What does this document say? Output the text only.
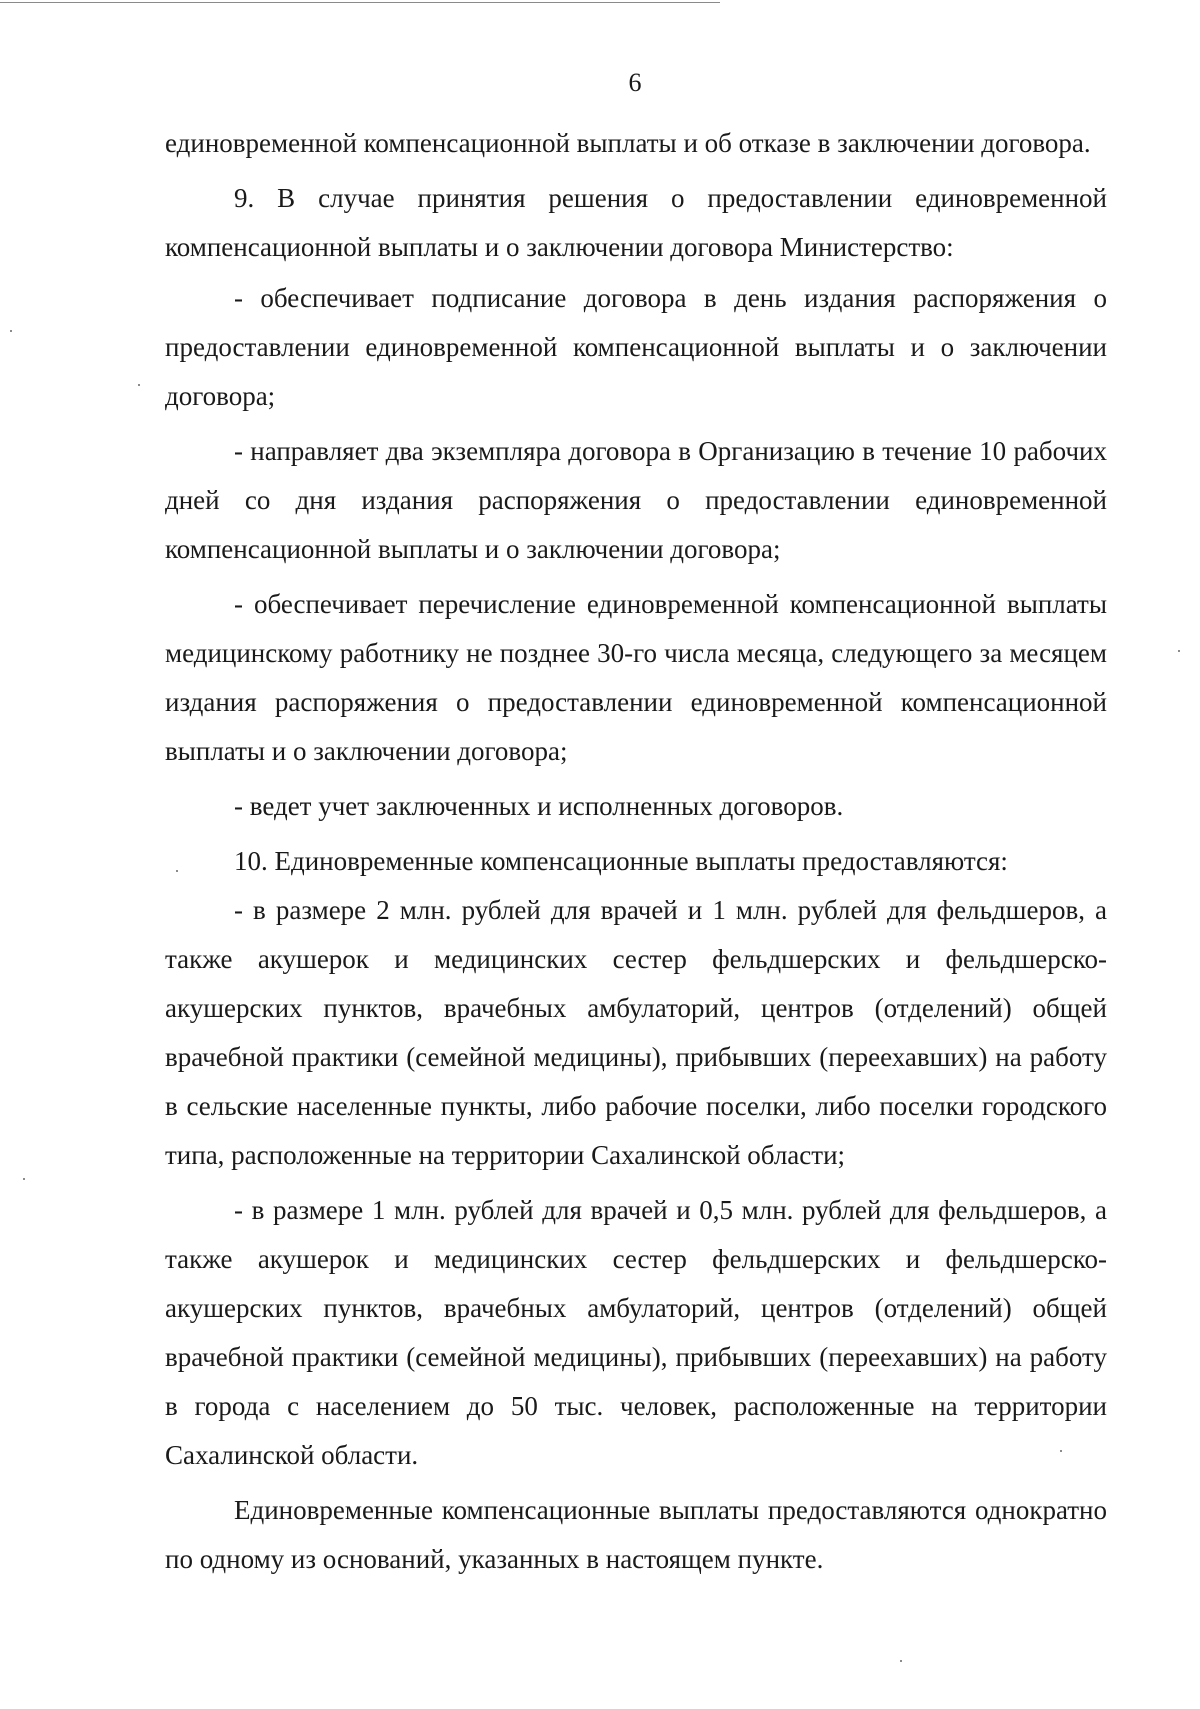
6

единовременной компенсационной выплаты и об отказе в заключении договора.

9. В случае принятия решения о предоставлении единовременной компенсационной выплаты и о заключении договора Министерство:

- обеспечивает подписание договора в день издания распоряжения о предоставлении единовременной компенсационной выплаты и о заключении договора;

- направляет два экземпляра договора в Организацию в течение 10 рабочих дней со дня издания распоряжения о предоставлении единовременной компенсационной выплаты и о заключении договора;

- обеспечивает перечисление единовременной компенсационной выплаты медицинскому работнику не позднее 30-го числа месяца, следующего за месяцем издания распоряжения о предоставлении единовременной компенсационной выплаты и о заключении договора;

- ведет учет заключенных и исполненных договоров.

10. Единовременные компенсационные выплаты предоставляются:

- в размере 2 млн. рублей для врачей и 1 млн. рублей для фельдшеров, а также акушерок и медицинских сестер фельдшерских и фельдшерско-акушерских пунктов, врачебных амбулаторий, центров (отделений) общей врачебной практики (семейной медицины), прибывших (переехавших) на работу в сельские населенные пункты, либо рабочие поселки, либо поселки городского типа, расположенные на территории Сахалинской области;

- в размере 1 млн. рублей для врачей и 0,5 млн. рублей для фельдшеров, а также акушерок и медицинских сестер фельдшерских и фельдшерско-акушерских пунктов, врачебных амбулаторий, центров (отделений) общей врачебной практики (семейной медицины), прибывших (переехавших) на работу в города с населением до 50 тыс. человек, расположенные на территории Сахалинской области.

Единовременные компенсационные выплаты предоставляются однократно по одному из оснований, указанных в настоящем пункте.
